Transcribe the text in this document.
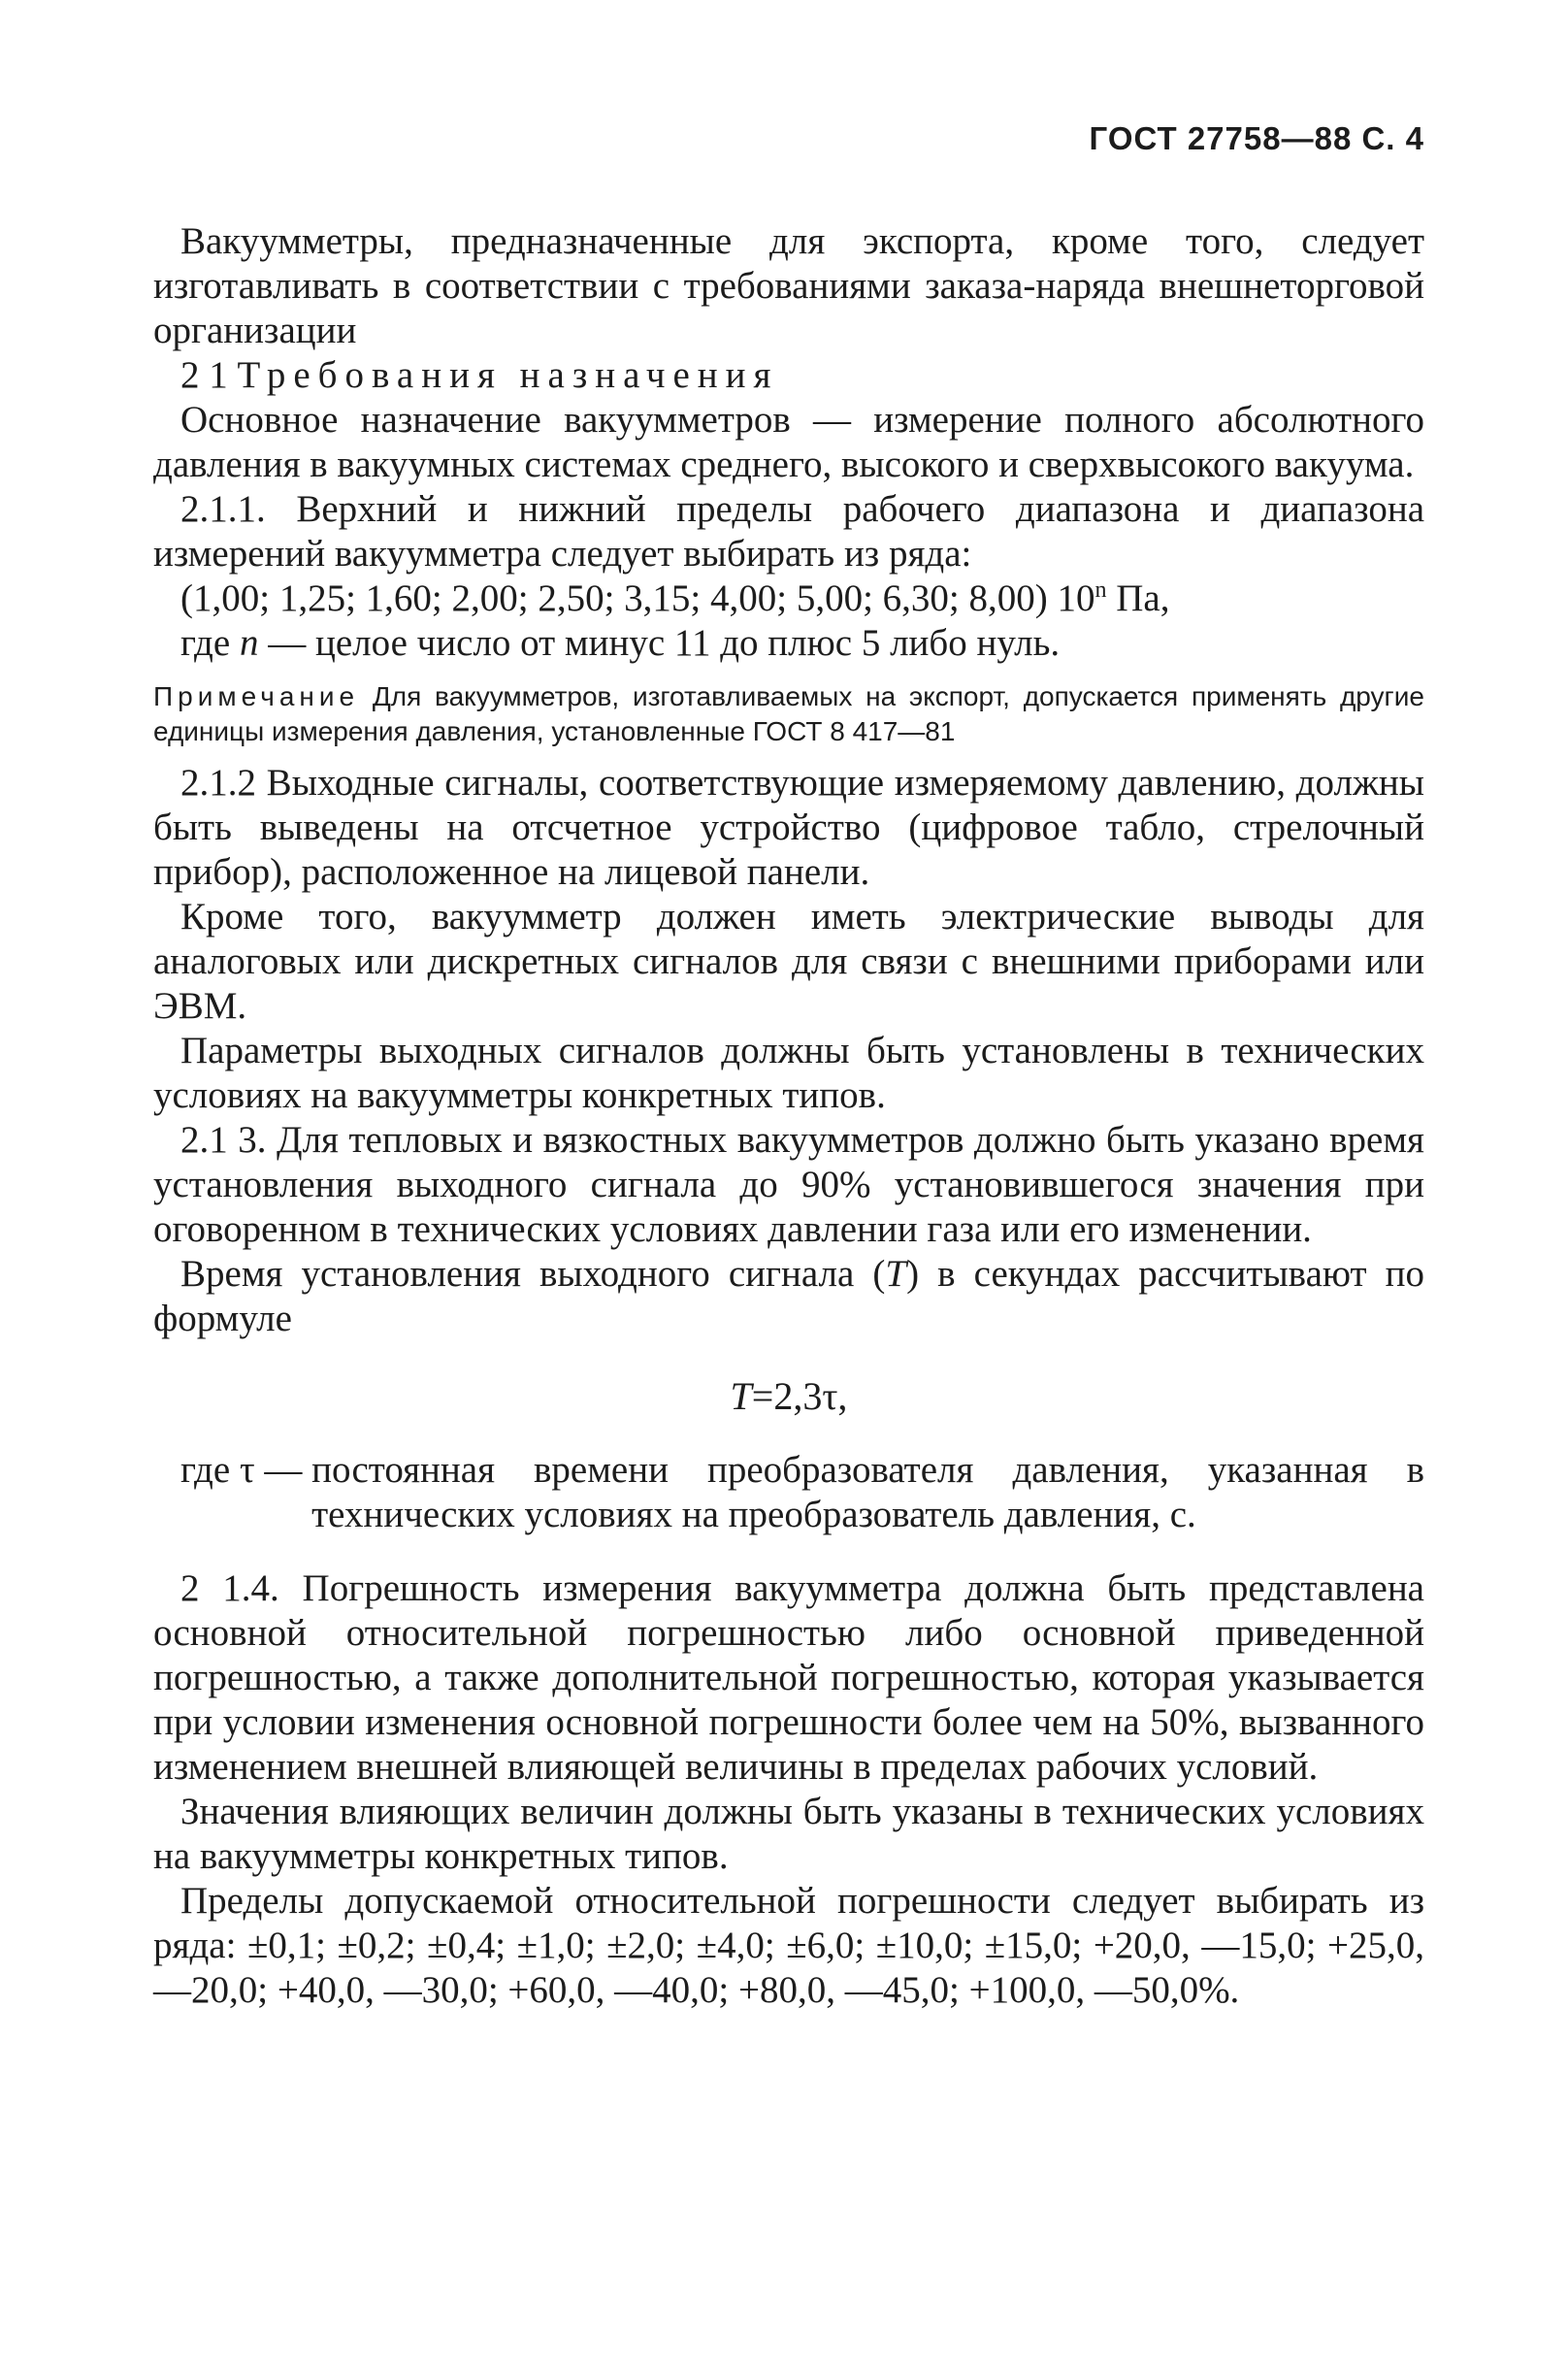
ГОСТ 27758—88 С. 4

Вакуумметры, предназначенные для экспорта, кроме того, следует изготавливать в соответствии с требованиями заказа-наряда внешнеторговой организации

2 1 Требования назначения

Основное назначение вакуумметров — измерение полного абсолютного давления в вакуумных системах среднего, высокого и сверхвысокого вакуума.

2.1.1. Верхний и нижний пределы рабочего диапазона и диапазона измерений вакуумметра следует выбирать из ряда:

(1,00; 1,25; 1,60; 2,00; 2,50; 3,15; 4,00; 5,00; 6,30; 8,00) 10$^n$ Па,

где n — целое число от минус 11 до плюс 5 либо нуль.

Примечание Для вакуумметров, изготавливаемых на экспорт, допускается применять другие единицы измерения давления, установленные ГОСТ 8 417—81

2.1.2 Выходные сигналы, соответствующие измеряемому давлению, должны быть выведены на отсчетное устройство (цифровое табло, стрелочный прибор), расположенное на лицевой панели.

Кроме того, вакуумметр должен иметь электрические выводы для аналоговых или дискретных сигналов для связи с внешними приборами или ЭВМ.

Параметры выходных сигналов должны быть установлены в технических условиях на вакуумметры конкретных типов.

2.1 3. Для тепловых и вязкостных вакуумметров должно быть указано время установления выходного сигнала до 90% установившегося значения при оговоренном в технических условиях давлении газа или его изменении.

Время установления выходного сигнала (T) в секундах рассчитывают по формуле

T=2,3τ,

где τ — постоянная времени преобразователя давления, указанная в технических условиях на преобразователь давления, с.

2 1.4. Погрешность измерения вакуумметра должна быть представлена основной относительной погрешностью либо основной приведенной погрешностью, а также дополнительной погрешностью, которая указывается при условии изменения основной погрешности более чем на 50%, вызванного изменением внешней влияющей величины в пределах рабочих условий.

Значения влияющих величин должны быть указаны в технических условиях на вакуумметры конкретных типов.

Пределы допускаемой относительной погрешности следует выбирать из ряда: ±0,1; ±0,2; ±0,4; ±1,0; ±2,0; ±4,0; ±6,0; ±10,0; ±15,0; +20,0, —15,0; +25,0, —20,0; +40,0, —30,0; +60,0, —40,0; +80,0, —45,0; +100,0, —50,0%.
